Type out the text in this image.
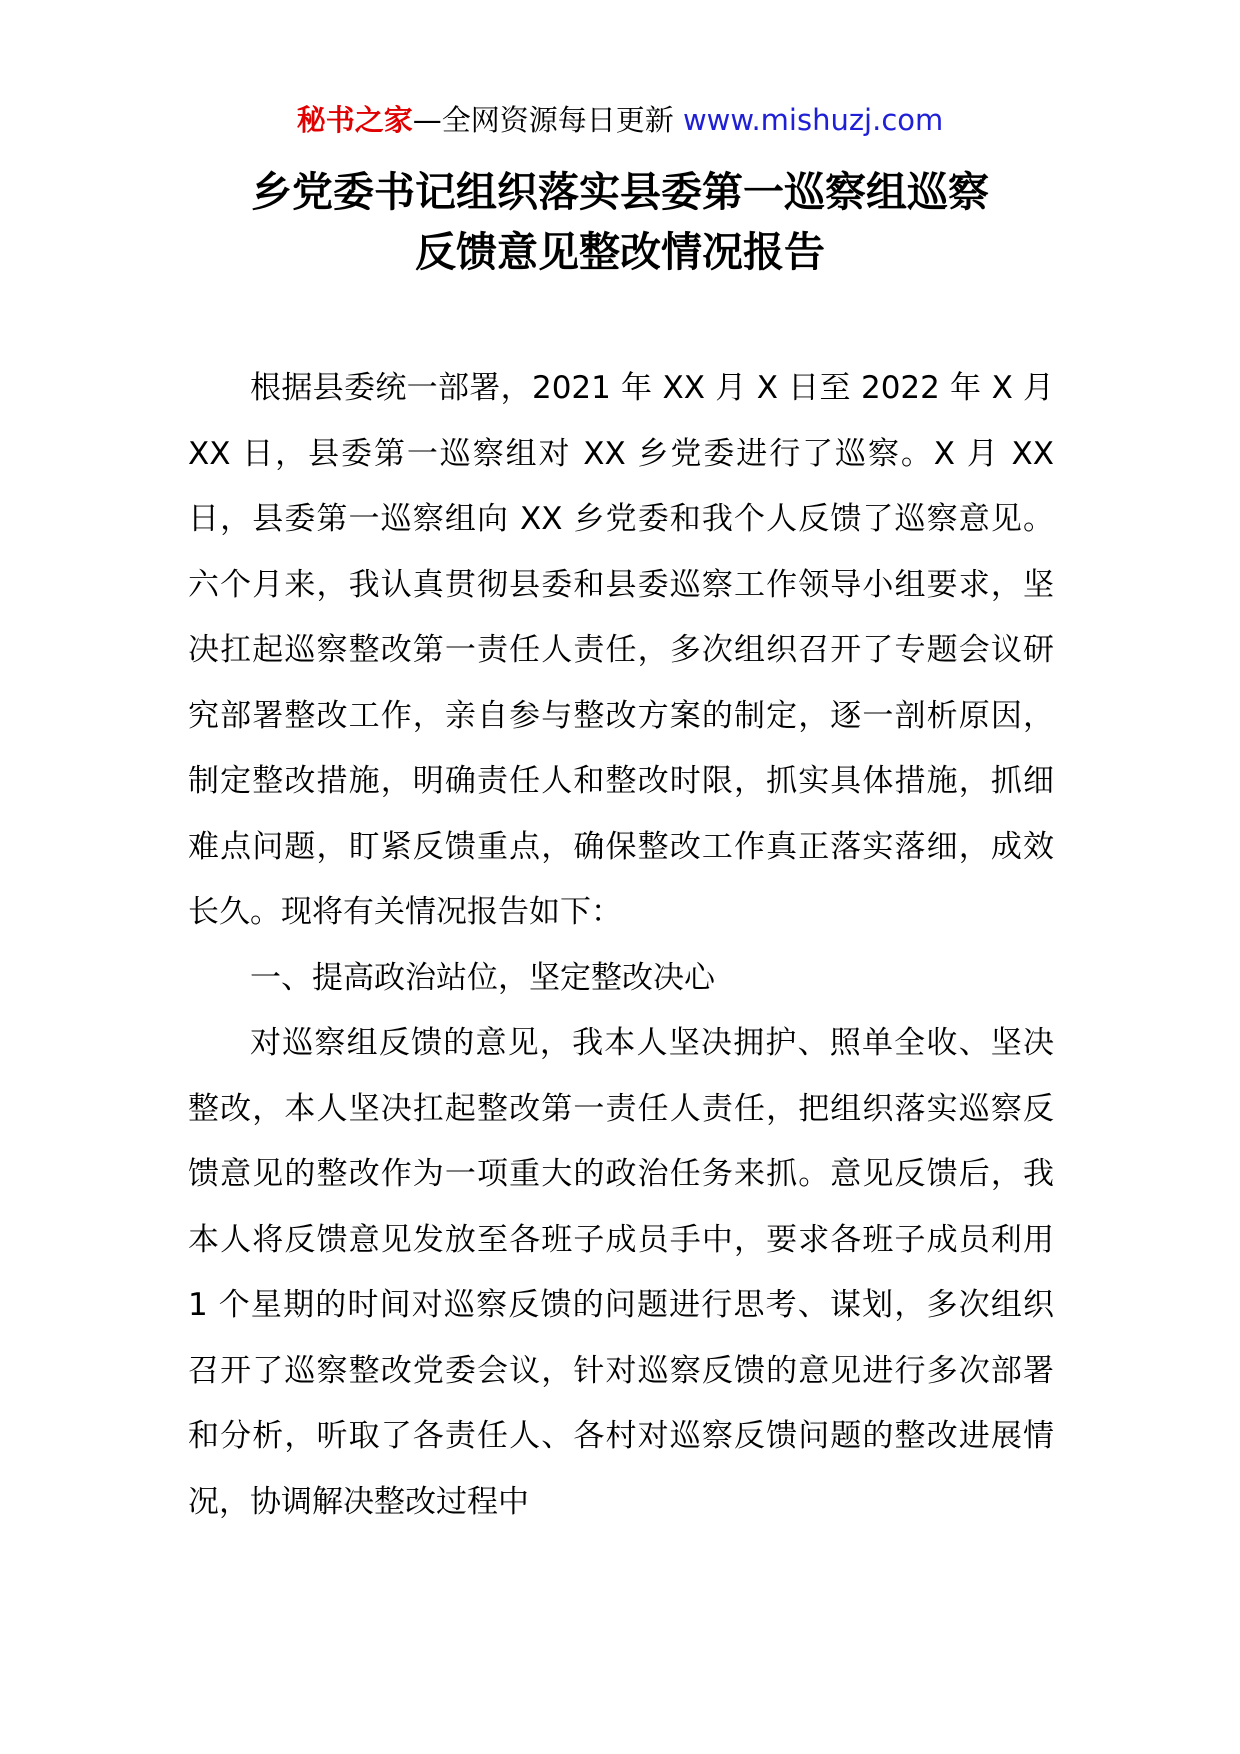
秘书之家—全网资源每日更新 www.mishuzj.com
乡党委书记组织落实县委第一巡察组巡察
反馈意见整改情况报告

根据县委统一部署，2021 年 XX 月 X 日至 2022 年 X 月 XX 日，县委第一巡察组对 XX 乡党委进行了巡察。X 月 XX 日，县委第一巡察组向 XX 乡党委和我个人反馈了巡察意见。六个月来，我认真贯彻县委和县委巡察工作领导小组要求，坚决扛起巡察整改第一责任人责任，多次组织召开了专题会议研究部署整改工作，亲自参与整改方案的制定，逐一剖析原因，制定整改措施，明确责任人和整改时限，抓实具体措施，抓细难点问题，盯紧反馈重点，确保整改工作真正落实落细，成效长久。现将有关情况报告如下：

一、提高政治站位，坚定整改决心

对巡察组反馈的意见，我本人坚决拥护、照单全收、坚决整改，本人坚决扛起整改第一责任人责任，把组织落实巡察反馈意见的整改作为一项重大的政治任务来抓。意见反馈后，我本人将反馈意见发放至各班子成员手中，要求各班子成员利用 1 个星期的时间对巡察反馈的问题进行思考、谋划，多次组织召开了巡察整改党委会议，针对巡察反馈的意见进行多次部署和分析，听取了各责任人、各村对巡察反馈问题的整改进展情况，协调解决整改过程中
